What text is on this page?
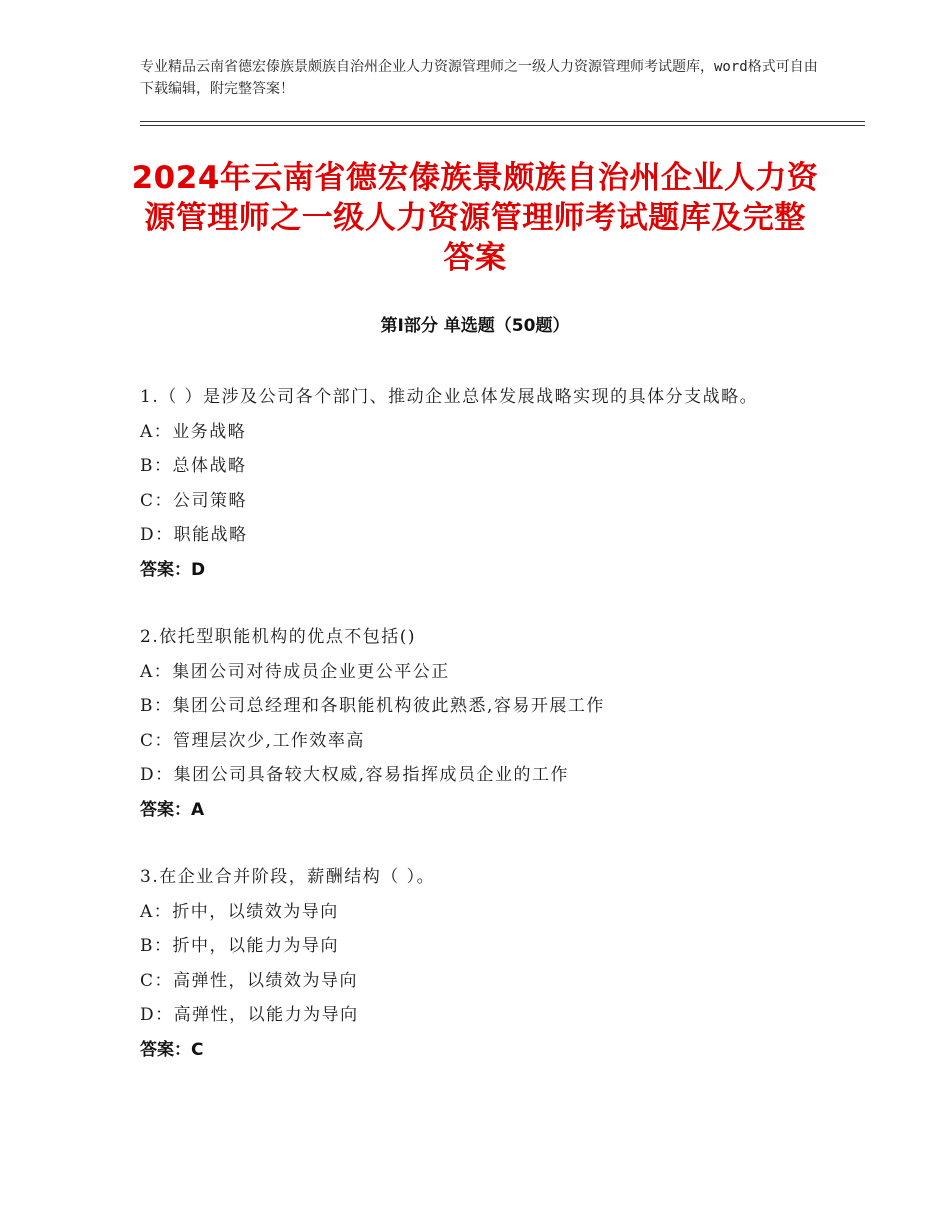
专业精品云南省德宏傣族景颇族自治州企业人力资源管理师之一级人力资源管理师考试题库，word格式可自由下载编辑，附完整答案！
2024年云南省德宏傣族景颇族自治州企业人力资源管理师之一级人力资源管理师考试题库及完整答案
第Ⅰ部分 单选题（50题）
1.（ ）是涉及公司各个部门、推动企业总体发展战略实现的具体分支战略。
A：业务战略
B：总体战略
C：公司策略
D：职能战略
答案：D
2.依托型职能机构的优点不包括()
A：集团公司对待成员企业更公平公正
B：集团公司总经理和各职能机构彼此熟悉,容易开展工作
C：管理层次少,工作效率高
D：集团公司具备较大权威,容易指挥成员企业的工作
答案：A
3.在企业合并阶段，薪酬结构（ ）。
A：折中，以绩效为导向
B：折中，以能力为导向
C：高弹性，以绩效为导向
D：高弹性，以能力为导向
答案：C
